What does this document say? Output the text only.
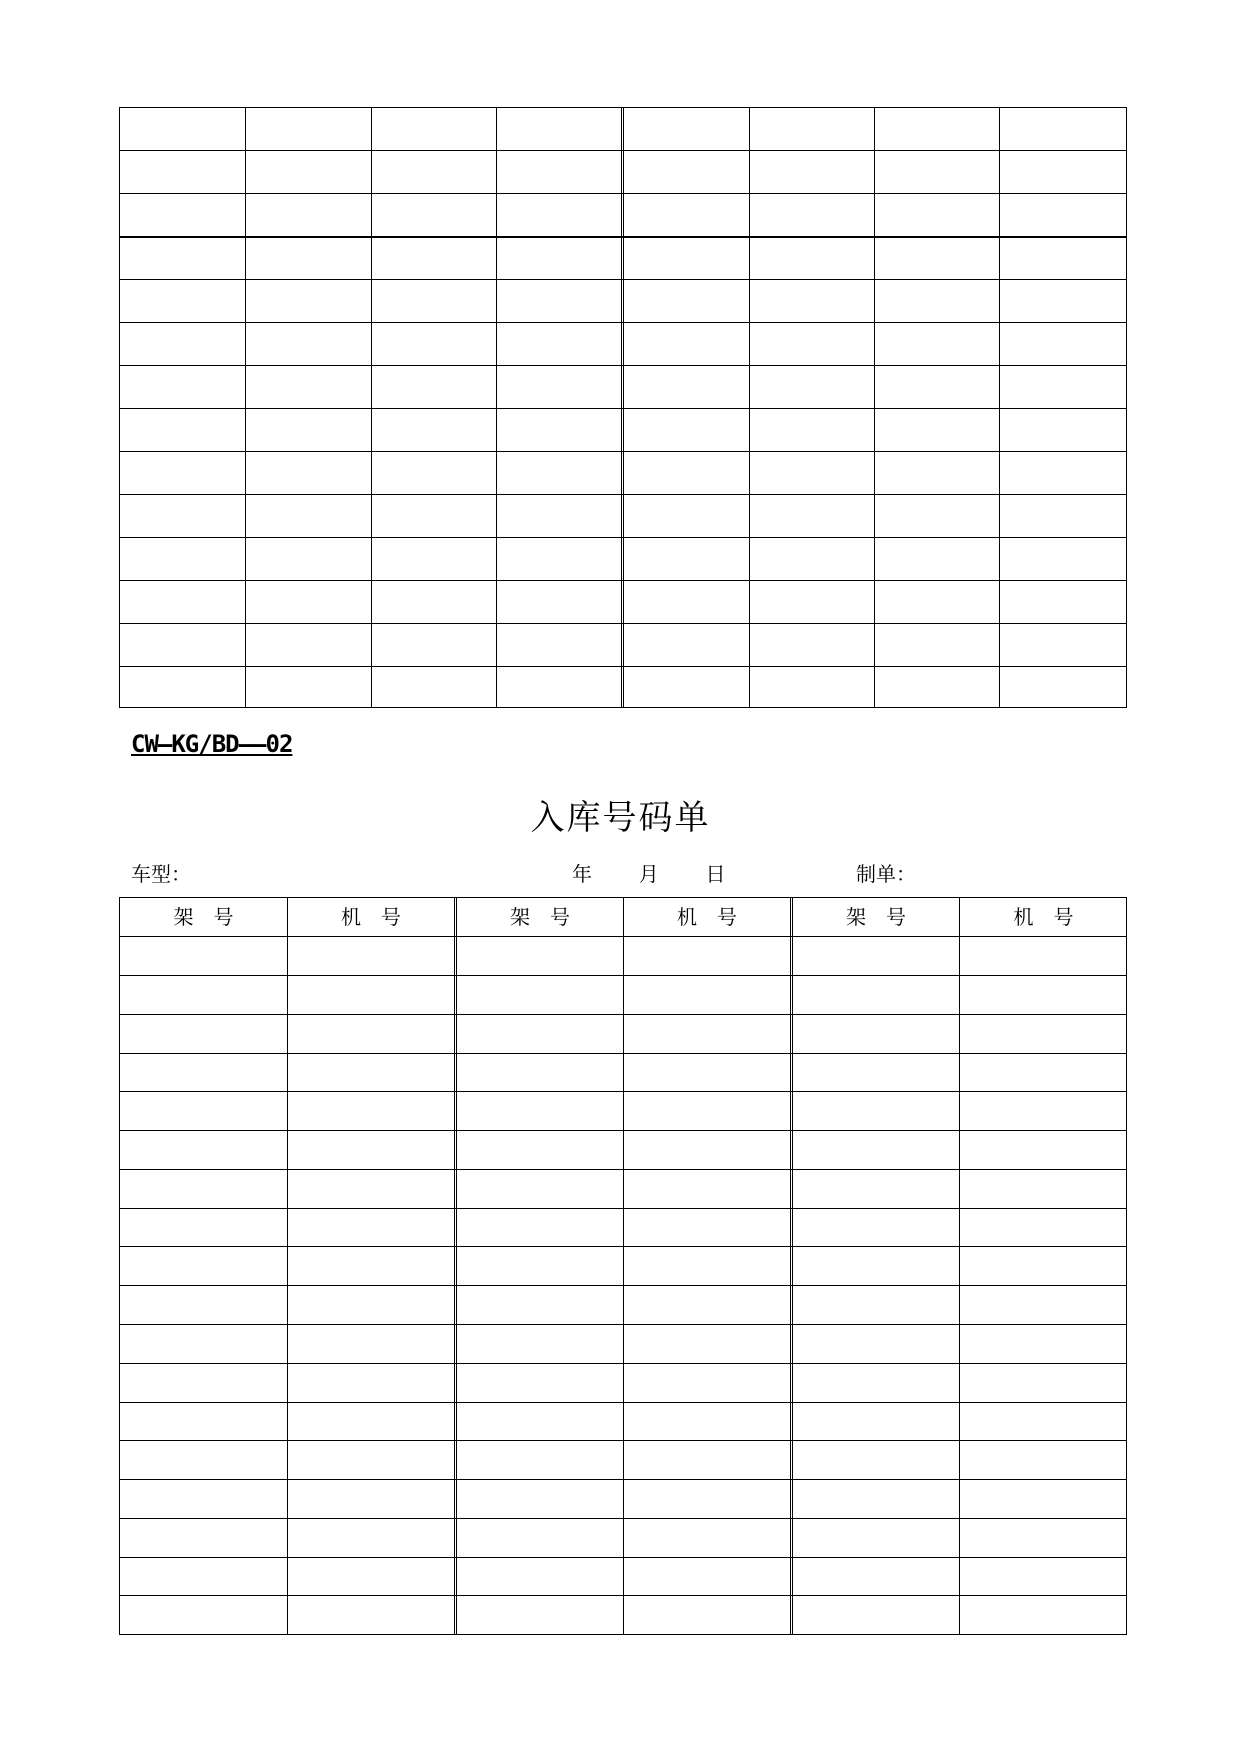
CW—KG/BD——02
入库号码单
车型：	年 月 日	制单：
架　号	机　号	架　号	机　号	架　号	机　号
